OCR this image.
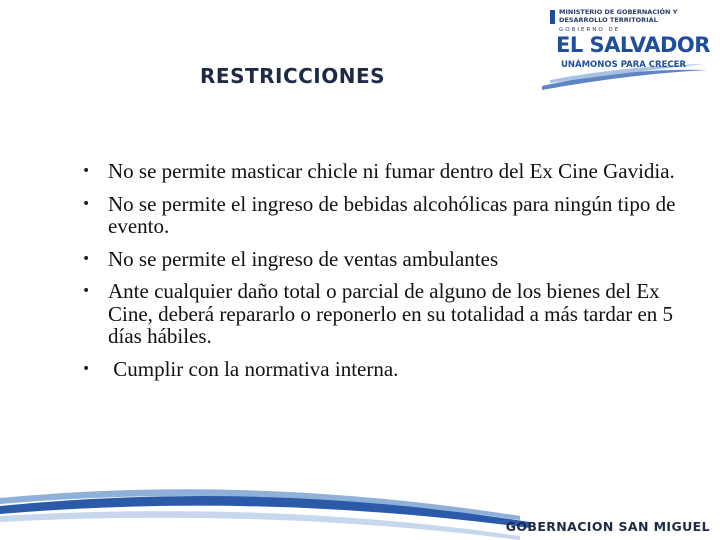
RESTRICCIONES
MINISTERIO DE GOBERNACIÓN Y DESARROLLO TERRITORIAL
GOBIERNO DE
EL SALVADOR
UNÁMONOS PARA CRECER
• No se permite masticar chicle ni fumar dentro del Ex Cine Gavidia.
• No se permite el ingreso de bebidas alcohólicas para ningún tipo de evento.
• No se permite el ingreso de ventas ambulantes
• Ante cualquier daño total o parcial de alguno de los bienes del Ex Cine, deberá repararlo o reponerlo en su totalidad a más tardar en 5 días hábiles.
• Cumplir con la normativa interna.
GOBERNACION SAN MIGUEL
